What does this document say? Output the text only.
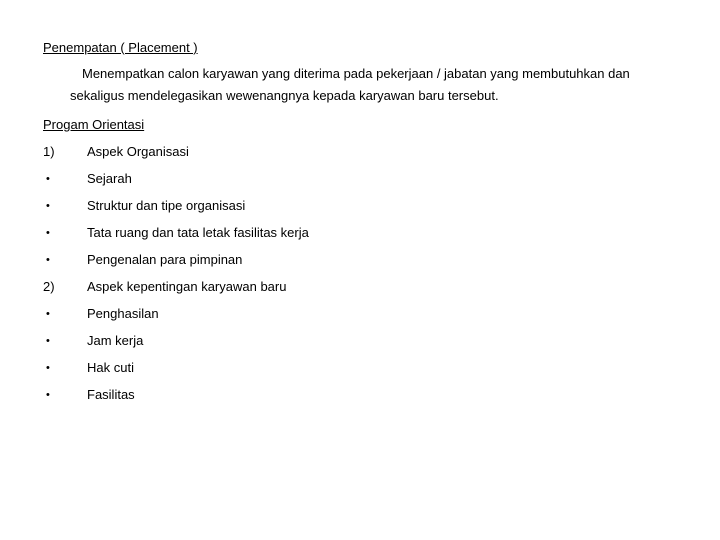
Penempatan ( Placement )
Menempatkan calon karyawan yang diterima pada pekerjaan / jabatan yang membutuhkan dan
sekaligus mendelegasikan wewenangnya kepada karyawan baru tersebut.
Progam Orientasi
1)	Aspek Organisasi
•	Sejarah
•	Struktur dan tipe organisasi
•	Tata ruang dan tata letak fasilitas kerja
•	Pengenalan para pimpinan
2)	Aspek kepentingan karyawan baru
•	Penghasilan
•	Jam kerja
•	Hak cuti
•	Fasilitas
